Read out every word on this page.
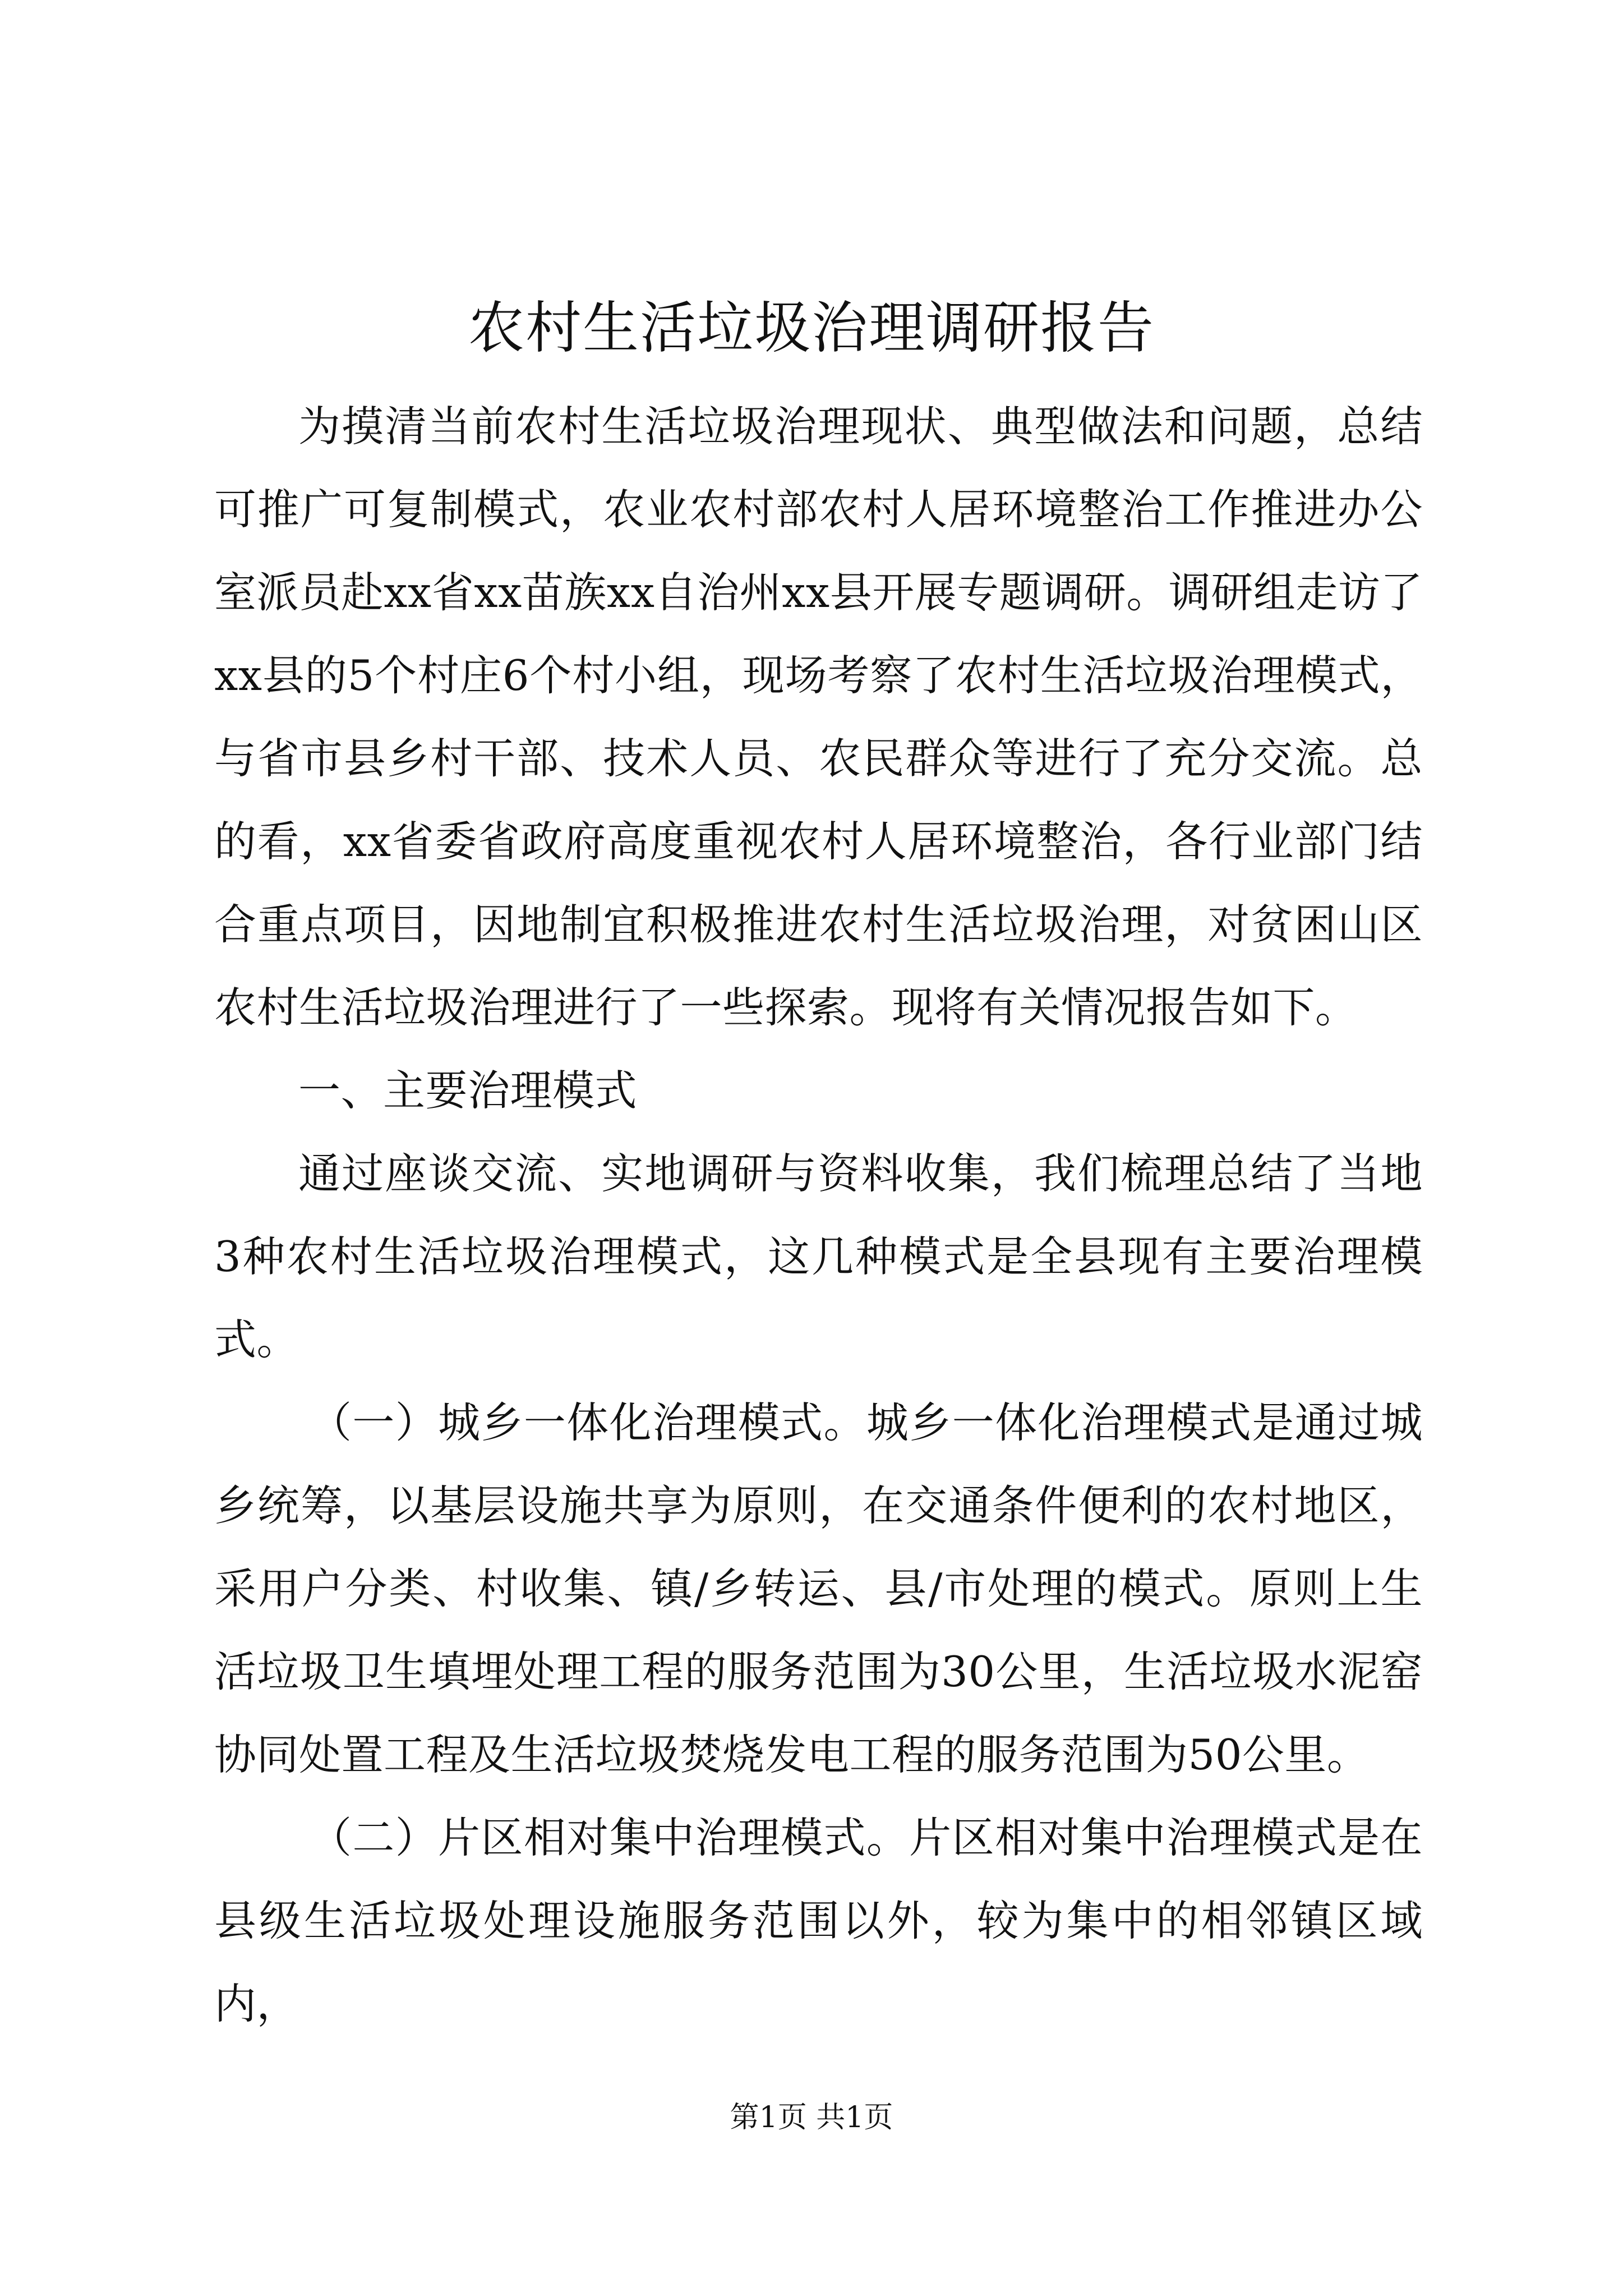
农村生活垃圾治理调研报告

为摸清当前农村生活垃圾治理现状、典型做法和问题，总结可推广可复制模式，农业农村部农村人居环境整治工作推进办公室派员赴xx省xx苗族xx自治州xx县开展专题调研。调研组走访了xx县的5个村庄6个村小组，现场考察了农村生活垃圾治理模式，与省市县乡村干部、技术人员、农民群众等进行了充分交流。总的看，xx省委省政府高度重视农村人居环境整治，各行业部门结合重点项目，因地制宜积极推进农村生活垃圾治理，对贫困山区农村生活垃圾治理进行了一些探索。现将有关情况报告如下。

一、主要治理模式

通过座谈交流、实地调研与资料收集，我们梳理总结了当地3种农村生活垃圾治理模式，这几种模式是全县现有主要治理模式。

（一）城乡一体化治理模式。城乡一体化治理模式是通过城乡统筹，以基层设施共享为原则，在交通条件便利的农村地区，采用户分类、村收集、镇/乡转运、县/市处理的模式。原则上生活垃圾卫生填埋处理工程的服务范围为30公里，生活垃圾水泥窑协同处置工程及生活垃圾焚烧发电工程的服务范围为50公里。

（二）片区相对集中治理模式。片区相对集中治理模式是在县级生活垃圾处理设施服务范围以外，较为集中的相邻镇区域内，

第1页 共1页
